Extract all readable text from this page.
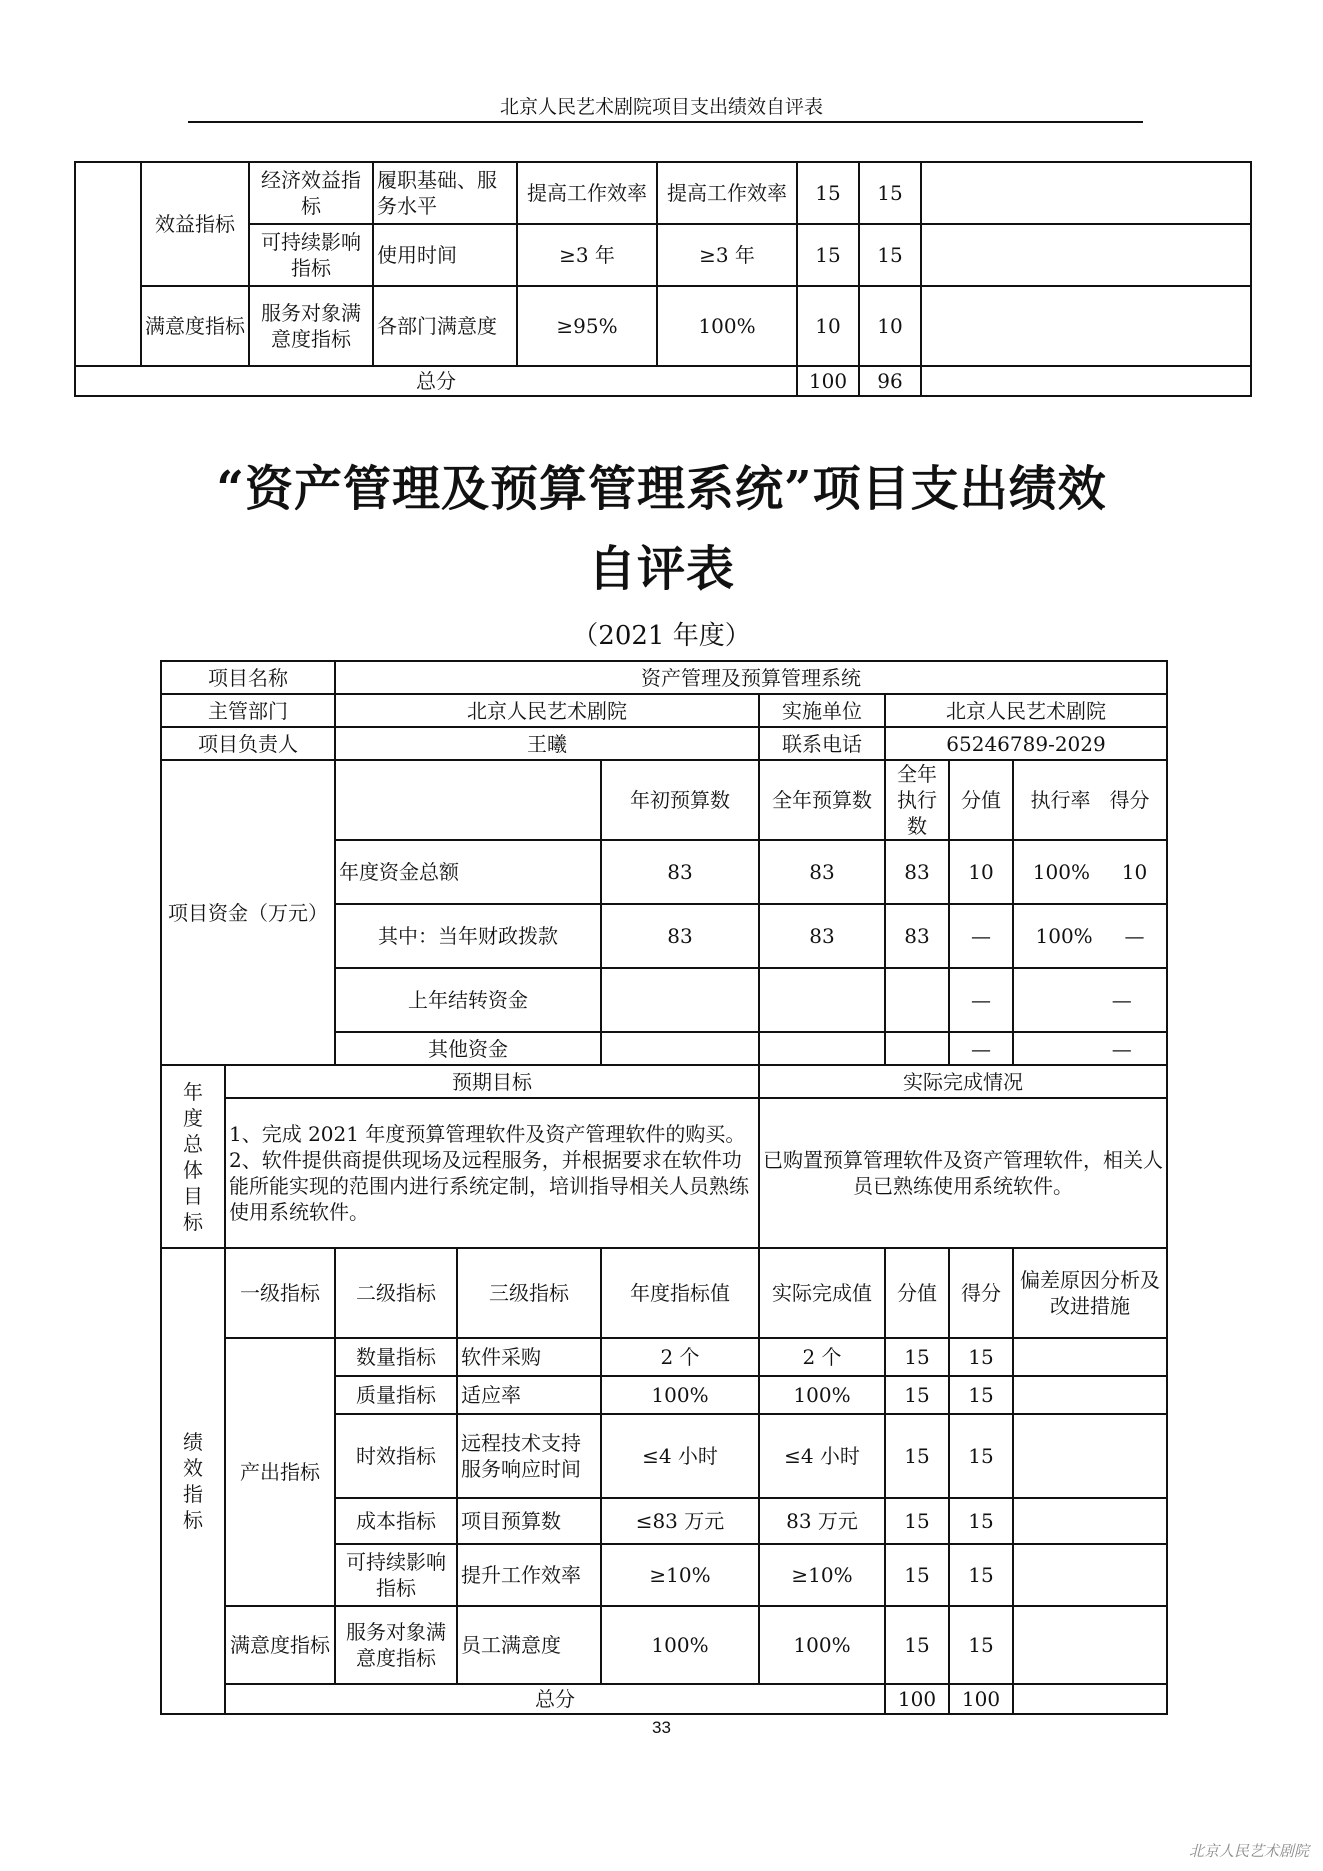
北京人民艺术剧院项目支出绩效自评表
	效益指标	经济效益指标	履职基础、服务水平	提高工作效率	提高工作效率	15	15	
		可持续影响指标	使用时间	≥3 年	≥3 年	15	15	
	满意度指标	服务对象满意度指标	各部门满意度	≥95%	100%	10	10	
总分						100	96	
“资产管理及预算管理系统”项目支出绩效
自评表
（2021 年度）
项目名称		资产管理及预算管理系统						
主管部门		北京人民艺术剧院			实施单位	北京人民艺术剧院		
项目负责人		王曦			联系电话	65246789-2029		
项目资金（万元）				年初预算数	全年预算数	全年执行数	分值	执行率 得分
		年度资金总额		83	83	83	10	100% 10
		其中：当年财政拨款		83	83	83	—	100% —
		上年结转资金					—	—
		其他资金					—	—
年度总体目标	预期目标				实际完成情况			
	1、完成 2021 年度预算管理软件及资产管理软件的购买。
2、软件提供商提供现场及远程服务，并根据要求在软件功能所能实现的范围内进行系统定制，培训指导相关人员熟练使用系统软件。				已购置预算管理软件及资产管理软件，相关人员已熟练使用系统软件。			
绩效指标	一级指标	二级指标	三级指标	年度指标值	实际完成值	分值	得分	偏差原因分析及改进措施
	产出指标	数量指标	软件采购	2 个	2 个	15	15	
		质量指标	适应率	100%	100%	15	15	
		时效指标	远程技术支持服务响应时间	≤4 小时	≤4 小时	15	15	
		成本指标	项目预算数	≤83 万元	83 万元	15	15	
		可持续影响指标	提升工作效率	≥10%	≥10%	15	15	
	满意度指标	服务对象满意度指标	员工满意度	100%	100%	15	15	
	总分					100	100	
33
北京人民艺术剧院
